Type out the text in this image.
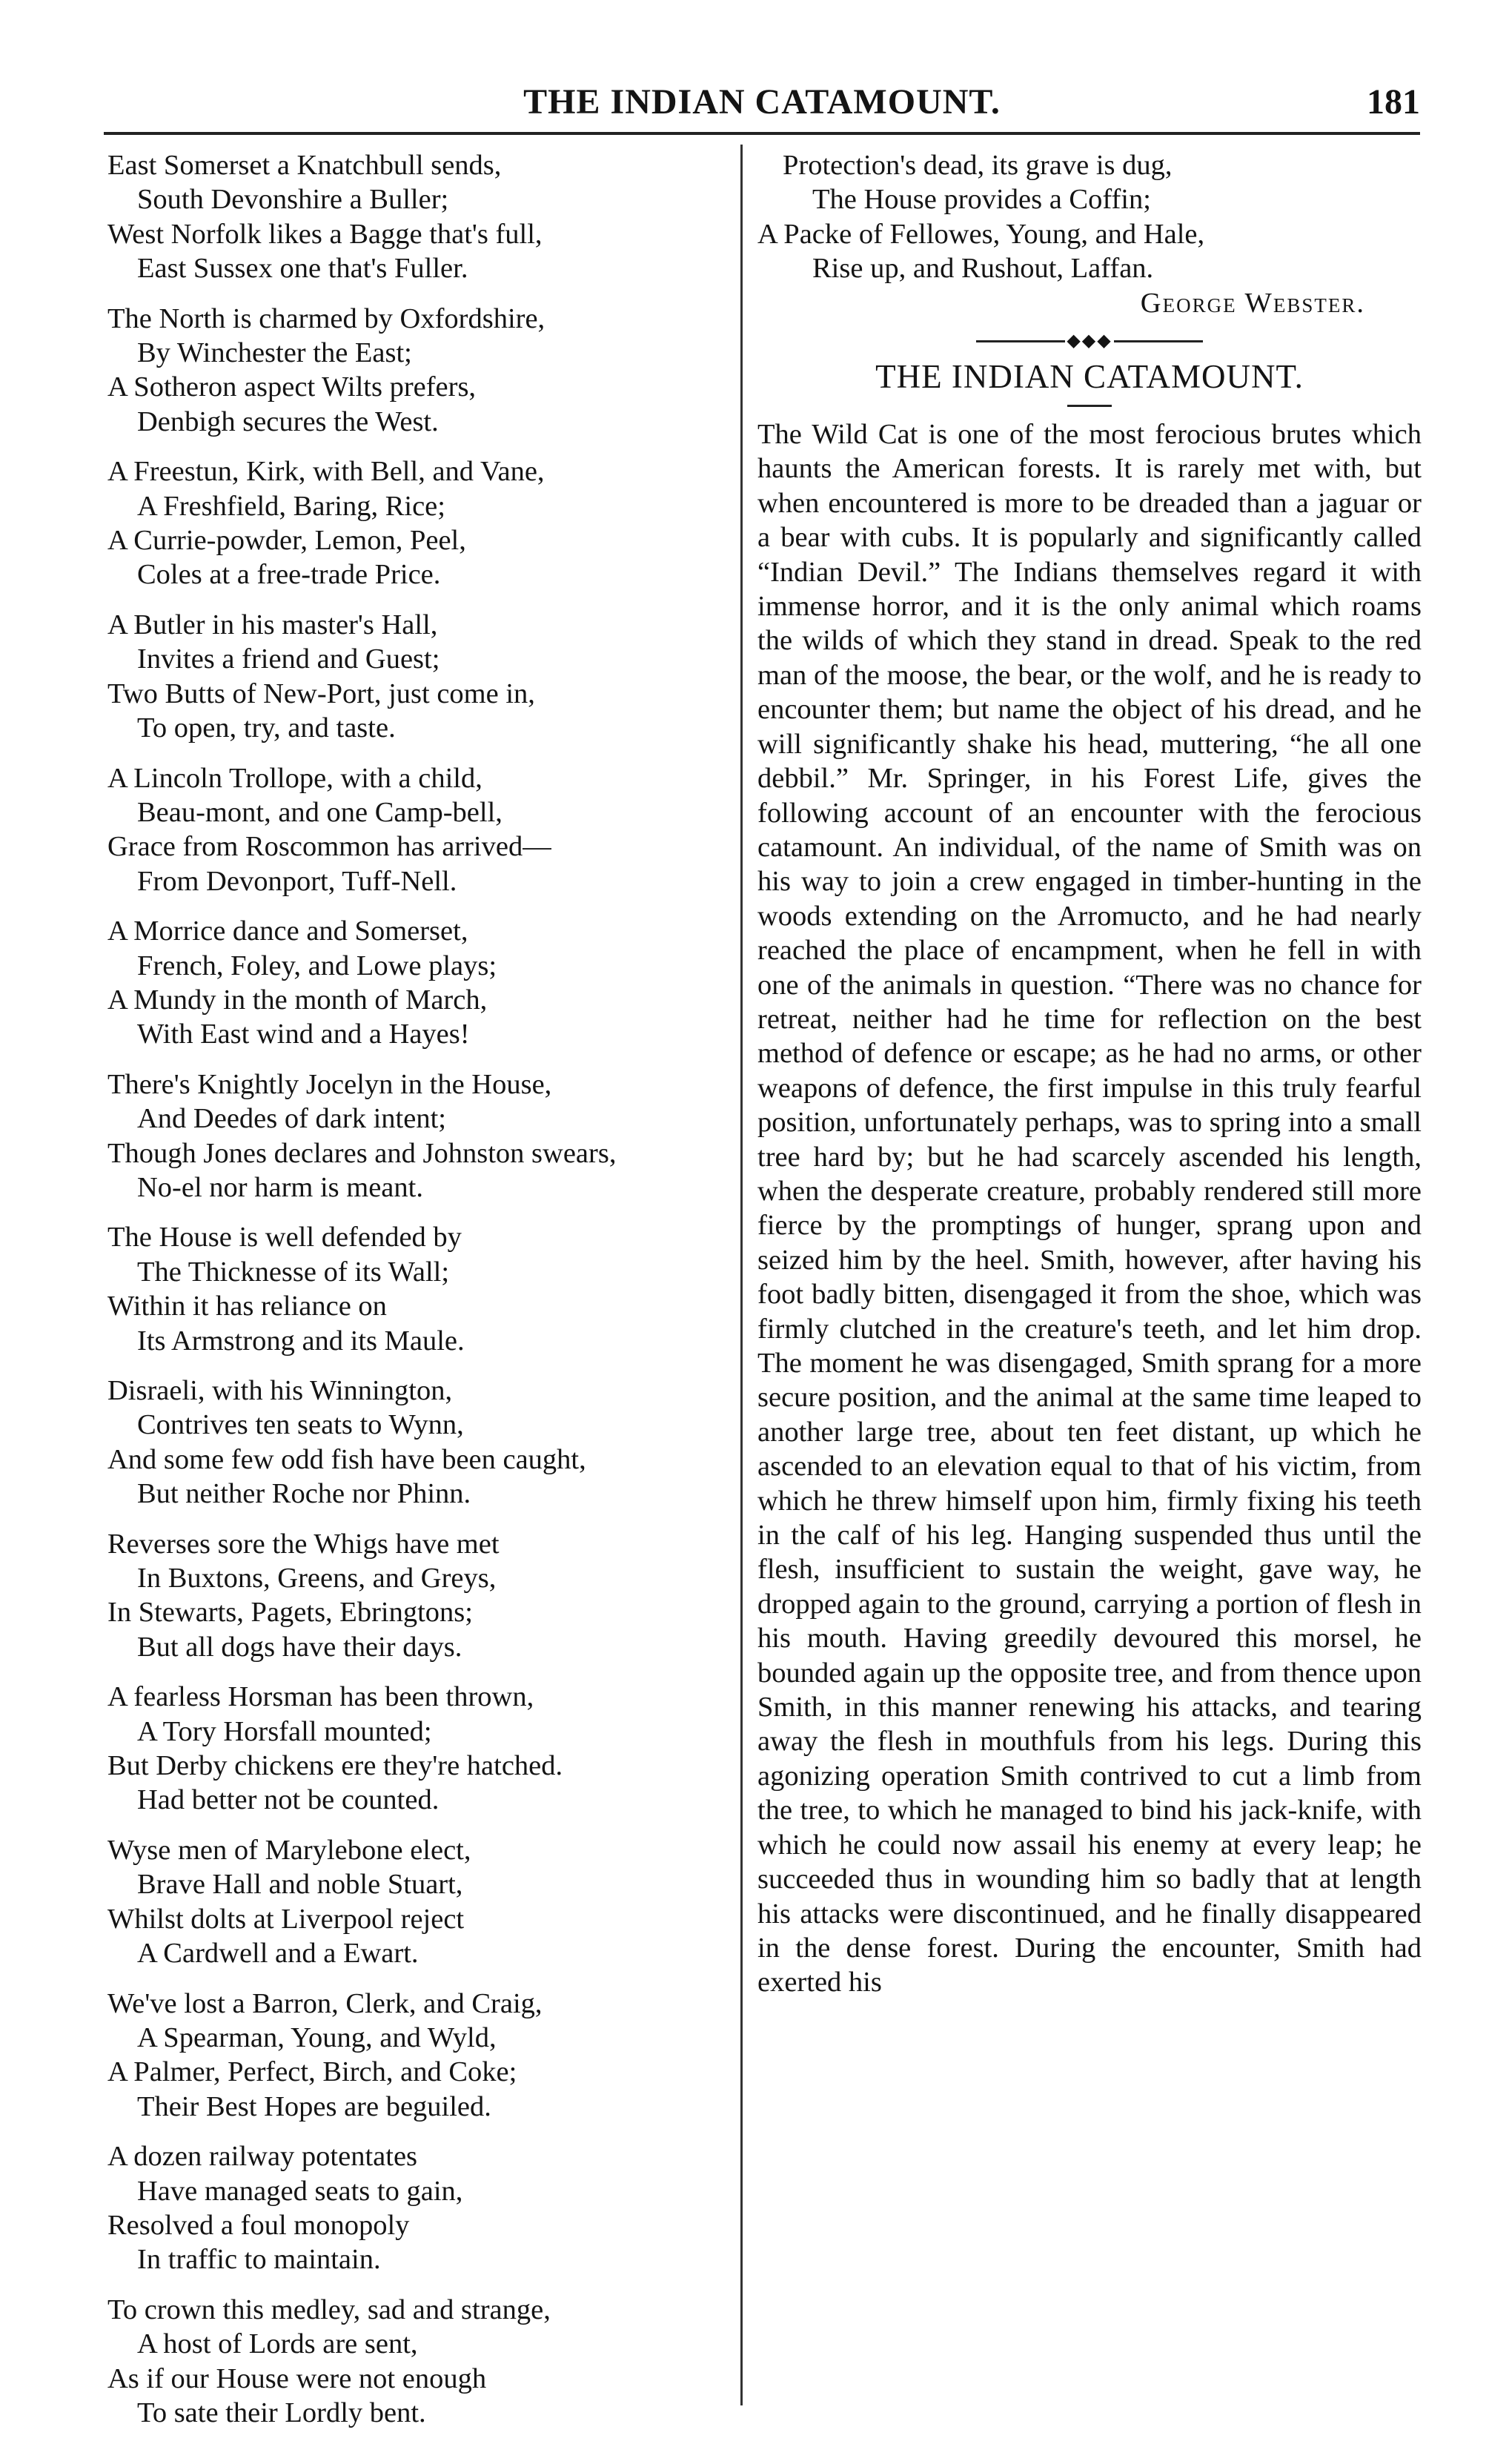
THE INDIAN CATAMOUNT.	181
East Somerset a Knatchbull sends,
South Devonshire a Buller;
West Norfolk likes a Bagge that's full,
East Sussex one that's Fuller.
The North is charmed by Oxfordshire,
By Winchester the East;
A Sotheron aspect Wilts prefers,
Denbigh secures the West.
A Freestun, Kirk, with Bell, and Vane,
A Freshfield, Baring, Rice;
A Currie-powder, Lemon, Peel,
Coles at a free-trade Price.
A Butler in his master's Hall,
Invites a friend and Guest;
Two Butts of New-Port, just come in,
To open, try, and taste.
A Lincoln Trollope, with a child,
Beau-mont, and one Camp-bell,
Grace from Roscommon has arrived—
From Devonport, Tuff-Nell.
A Morrice dance and Somerset,
French, Foley, and Lowe plays;
A Mundy in the month of March,
With East wind and a Hayes!
There's Knightly Jocelyn in the House,
And Deedes of dark intent;
Though Jones declares and Johnston swears,
No-el nor harm is meant.
The House is well defended by
The Thicknesse of its Wall;
Within it has reliance on
Its Armstrong and its Maule.
Disraeli, with his Winnington,
Contrives ten seats to Wynn,
And some few odd fish have been caught,
But neither Roche nor Phinn.
Reverses sore the Whigs have met
In Buxtons, Greens, and Greys,
In Stewarts, Pagets, Ebringtons;
But all dogs have their days.
A fearless Horsman has been thrown,
A Tory Horsfall mounted;
But Derby chickens ere they're hatched.
Had better not be counted.
Wyse men of Marylebone elect,
Brave Hall and noble Stuart,
Whilst dolts at Liverpool reject
A Cardwell and a Ewart.
We've lost a Barron, Clerk, and Craig,
A Spearman, Young, and Wyld,
A Palmer, Perfect, Birch, and Coke;
Their Best Hopes are beguiled.
A dozen railway potentates
Have managed seats to gain,
Resolved a foul monopoly
In traffic to maintain.
To crown this medley, sad and strange,
A host of Lords are sent,
As if our House were not enough
To sate their Lordly bent.
Protection's dead, its grave is dug,
The House provides a Coffin;
A Packe of Fellowes, Young, and Hale,
Rise up, and Rushout, Laffan.
George Webster.
◆◆◆
THE INDIAN CATAMOUNT.

The Wild Cat is one of the most ferocious brutes which haunts the American forests. It is rarely met with, but when encountered is more to be dreaded than a jaguar or a bear with cubs. It is popularly and significantly called “Indian Devil.” The Indians themselves regard it with immense horror, and it is the only animal which roams the wilds of which they stand in dread. Speak to the red man of the moose, the bear, or the wolf, and he is ready to encounter them; but name the object of his dread, and he will significantly shake his head, muttering, “he all one debbil.” Mr. Springer, in his Forest Life, gives the following account of an encounter with the ferocious catamount. An individual, of the name of Smith was on his way to join a crew engaged in timber-hunting in the woods extending on the Arromucto, and he had nearly reached the place of encampment, when he fell in with one of the animals in question. “There was no chance for retreat, neither had he time for reflection on the best method of defence or escape; as he had no arms, or other weapons of defence, the first impulse in this truly fearful position, unfortunately perhaps, was to spring into a small tree hard by; but he had scarcely ascended his length, when the desperate creature, probably rendered still more fierce by the promptings of hunger, sprang upon and seized him by the heel. Smith, however, after having his foot badly bitten, disengaged it from the shoe, which was firmly clutched in the creature's teeth, and let him drop. The moment he was disengaged, Smith sprang for a more secure position, and the animal at the same time leaped to another large tree, about ten feet distant, up which he ascended to an elevation equal to that of his victim, from which he threw himself upon him, firmly fixing his teeth in the calf of his leg. Hanging suspended thus until the flesh, insufficient to sustain the weight, gave way, he dropped again to the ground, carrying a portion of flesh in his mouth. Having greedily devoured this morsel, he bounded again up the opposite tree, and from thence upon Smith, in this manner renewing his attacks, and tearing away the flesh in mouthfuls from his legs. During this agonizing operation Smith contrived to cut a limb from the tree, to which he managed to bind his jack-knife, with which he could now assail his enemy at every leap; he succeeded thus in wounding him so badly that at length his attacks were discontinued, and he finally disappeared in the dense forest. During the encounter, Smith had exerted his
